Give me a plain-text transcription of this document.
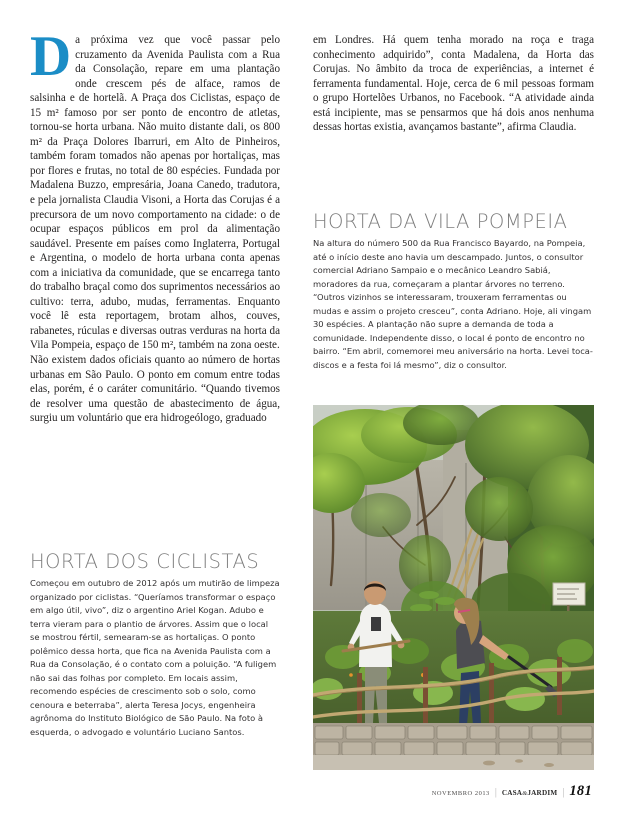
D a próxima vez que você passar pelo cruzamento da Avenida Paulista com a Rua da Consolação, repare em uma plantação onde crescem pés de alface, ramos de salsinha e de hortelã. A Praça dos Ciclistas, espaço de 15 m² famoso por ser ponto de encontro de atletas, tornou-se horta urbana. Não muito distante dali, os 800 m² da Praça Dolores Ibarruri, em Alto de Pinheiros, também foram tomados não apenas por hortaliças, mas por flores e frutas, no total de 80 espécies. Fundada por Madalena Buzzo, empresária, Joana Canedo, tradutora, e pela jornalista Claudia Visoni, a Horta das Corujas é a precursora de um novo comportamento na cidade: o de ocupar espaços públicos em prol da alimentação saudável. Presente em países como Inglaterra, Portugal e Argentina, o modelo de horta urbana conta apenas com a iniciativa da comunidade, que se encarrega tanto do trabalho braçal como dos suprimentos necessários ao cultivo: terra, adubo, mudas, ferramentas. Enquanto você lê esta reportagem, brotam alhos, couves, rabanetes, rúculas e diversas outras verduras na horta da Vila Pompeia, espaço de 150 m², também na zona oeste.

Não existem dados oficiais quanto ao número de hortas urbanas em São Paulo. O ponto em comum entre todas elas, porém, é o caráter comunitário. “Quando tivemos de resolver uma questão de abastecimento de água, surgiu um voluntário que era hidrogeólogo, graduado

HORTA DOS CICLISTAS

Começou em outubro de 2012 após um mutirão de limpeza organizado por ciclistas. “Queríamos transformar o espaço em algo útil, vivo”, diz o argentino Ariel Kogan. Adubo e terra vieram para o plantio de árvores. Assim que o local se mostrou fértil, semearam-se as hortaliças. O ponto polêmico dessa horta, que fica na Avenida Paulista com a Rua da Consolação, é o contato com a poluição. “A fuligem não sai das folhas por completo. Em locais assim, recomendo espécies de crescimento sob o solo, como cenoura e beterraba”, alerta Teresa Jocys, engenheira agrônoma do Instituto Biológico de São Paulo. Na foto à esquerda, o advogado e voluntário Luciano Santos.

em Londres. Há quem tenha morado na roça e traga conhecimento adquirido”, conta Madalena, da Horta das Corujas. No âmbito da troca de experiências, a internet é ferramenta fundamental. Hoje, cerca de 6 mil pessoas formam o grupo Hortelões Urbanos, no Facebook. “A atividade ainda está incipiente, mas se pensarmos que há dois anos nenhuma dessas hortas existia, avançamos bastante”, afirma Claudia.

HORTA DA VILA POMPEIA

Na altura do número 500 da Rua Francisco Bayardo, na Pompeia, até o início deste ano havia um descampado. Juntos, o consultor comercial Adriano Sampaio e o mecânico Leandro Sabiá, moradores da rua, começaram a plantar árvores no terreno. “Outros vizinhos se interessaram, trouxeram ferramentas ou mudas e assim o projeto cresceu”, conta Adriano. Hoje, ali vingam 30 espécies. A plantação não supre a demanda de toda a comunidade. Independente disso, o local é ponto de encontro no bairro. “Em abril, comemorei meu aniversário na horta. Levei toca-discos e a festa foi lá mesmo”, diz o consultor.

NOVEMBRO 2013 | CASA&JARDIM | 181
